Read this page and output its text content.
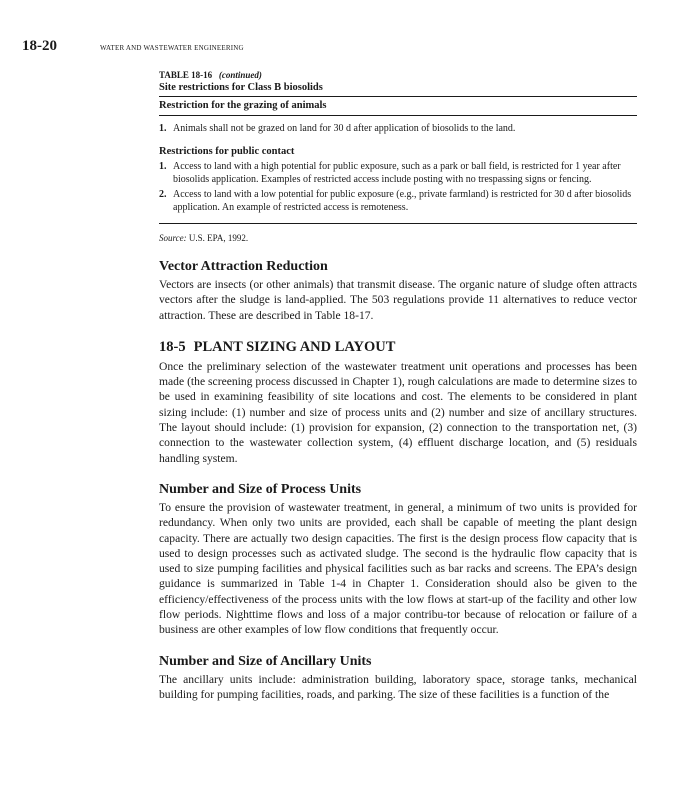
18-20	WATER AND WASTEWATER ENGINEERING
TABLE 18-16 (continued)
Site restrictions for Class B biosolids
Restriction for the grazing of animals
1. Animals shall not be grazed on land for 30 d after application of biosolids to the land.
Restrictions for public contact
1. Access to land with a high potential for public exposure, such as a park or ball field, is restricted for 1 year after biosolids application. Examples of restricted access include posting with no trespassing signs or fencing.
2. Access to land with a low potential for public exposure (e.g., private farmland) is restricted for 30 d after biosolids application. An example of restricted access is remoteness.
Source: U.S. EPA, 1992.
Vector Attraction Reduction

Vectors are insects (or other animals) that transmit disease. The organic nature of sludge often attracts vectors after the sludge is land-applied. The 503 regulations provide 11 alternatives to reduce vector attraction. These are described in Table 18-17.

18-5 PLANT SIZING AND LAYOUT

Once the preliminary selection of the wastewater treatment unit operations and processes has been made (the screening process discussed in Chapter 1), rough calculations are made to determine sizes to be used in examining feasibility of site locations and cost. The elements to be considered in plant sizing include: (1) number and size of process units and (2) number and size of ancillary structures. The layout should include: (1) provision for expansion, (2) connection to the transportation net, (3) connection to the wastewater collection system, (4) effluent discharge location, and (5) residuals handling system.

Number and Size of Process Units

To ensure the provision of wastewater treatment, in general, a minimum of two units is provided for redundancy. When only two units are provided, each shall be capable of meeting the plant design capacity. There are actually two design capacities. The first is the design process flow capacity that is used to design processes such as activated sludge. The second is the hydraulic flow capacity that is used to size pumping facilities and physical facilities such as bar racks and screens. The EPA’s design guidance is summarized in Table 1-4 in Chapter 1. Consideration should also be given to the efficiency/effectiveness of the process units with the low flows at start-up of the facility and other low flow periods. Nighttime flows and loss of a major contribu-tor because of relocation or failure of a business are other examples of low flow conditions that frequently occur.

Number and Size of Ancillary Units

The ancillary units include: administration building, laboratory space, storage tanks, mechanical building for pumping facilities, roads, and parking. The size of these facilities is a function of the
